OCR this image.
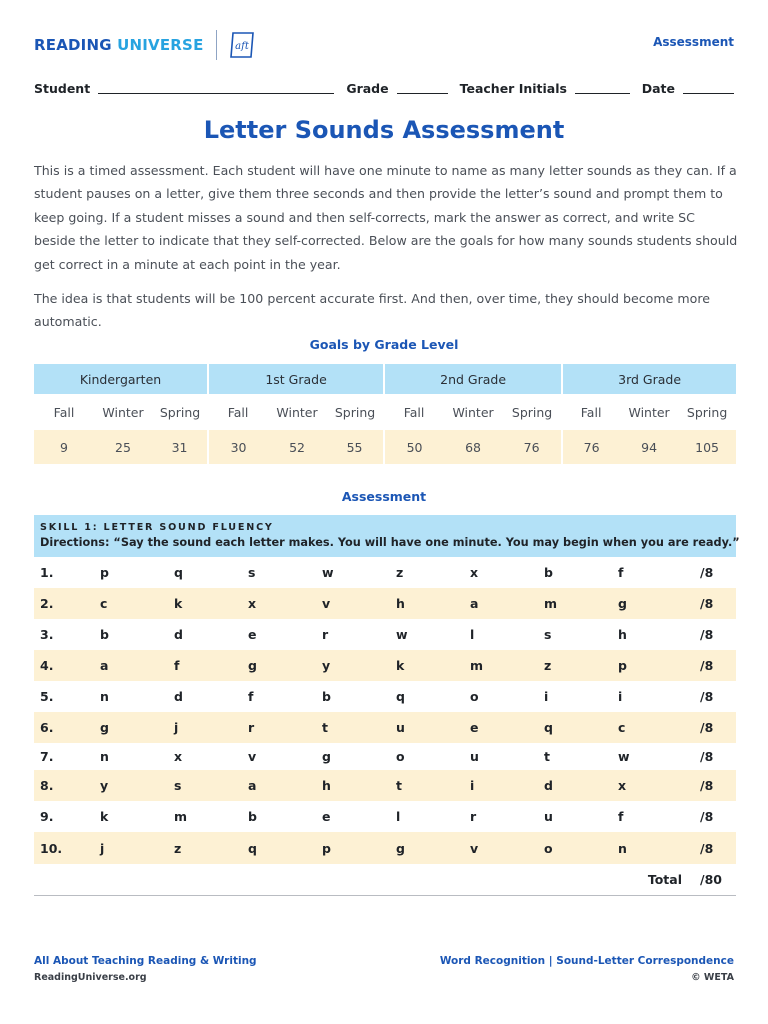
READING UNIVERSE	aft	Assessment
Student	Grade	Teacher Initials	Date
Letter Sounds Assessment

This is a timed assessment. Each student will have one minute to name as many letter sounds as they can. If a student pauses on a letter, give them three seconds and then provide the letter’s sound and prompt them to keep going. If a student misses a sound and then self-corrects, mark the answer as correct, and write SC beside the letter to indicate that they self-corrected. Below are the goals for how many sounds students should get correct in a minute at each point in the year.

The idea is that students will be 100 percent accurate first. And then, over time, they should become more automatic.

Goals by Grade Level
Kindergarten			1st Grade			2nd Grade			3rd Grade		
Fall	Winter	Spring	Fall	Winter	Spring	Fall	Winter	Spring	Fall	Winter	Spring
9	25	31	30	52	55	50	68	76	76	94	105
Assessment
SKILL 1: LETTER SOUND FLUENCY
Directions: “Say the sound each letter makes. You will have one minute. You may begin when you are ready.”
1.	p	q	s	w	z	x	b	f	/8
2.	c	k	x	v	h	a	m	g	/8
3.	b	d	e	r	w	l	s	h	/8
4.	a	f	g	y	k	m	z	p	/8
5.	n	d	f	b	q	o	i	i	/8
6.	g	j	r	t	u	e	q	c	/8
7.	n	x	v	g	o	u	t	w	/8
8.	y	s	a	h	t	i	d	x	/8
9.	k	m	b	e	l	r	u	f	/8
10.	j	z	q	p	g	v	o	n	/8
Total									/80
All About Teaching Reading & Writing
ReadingUniverse.org
Word Recognition | Sound-Letter Correspondence
© WETA
